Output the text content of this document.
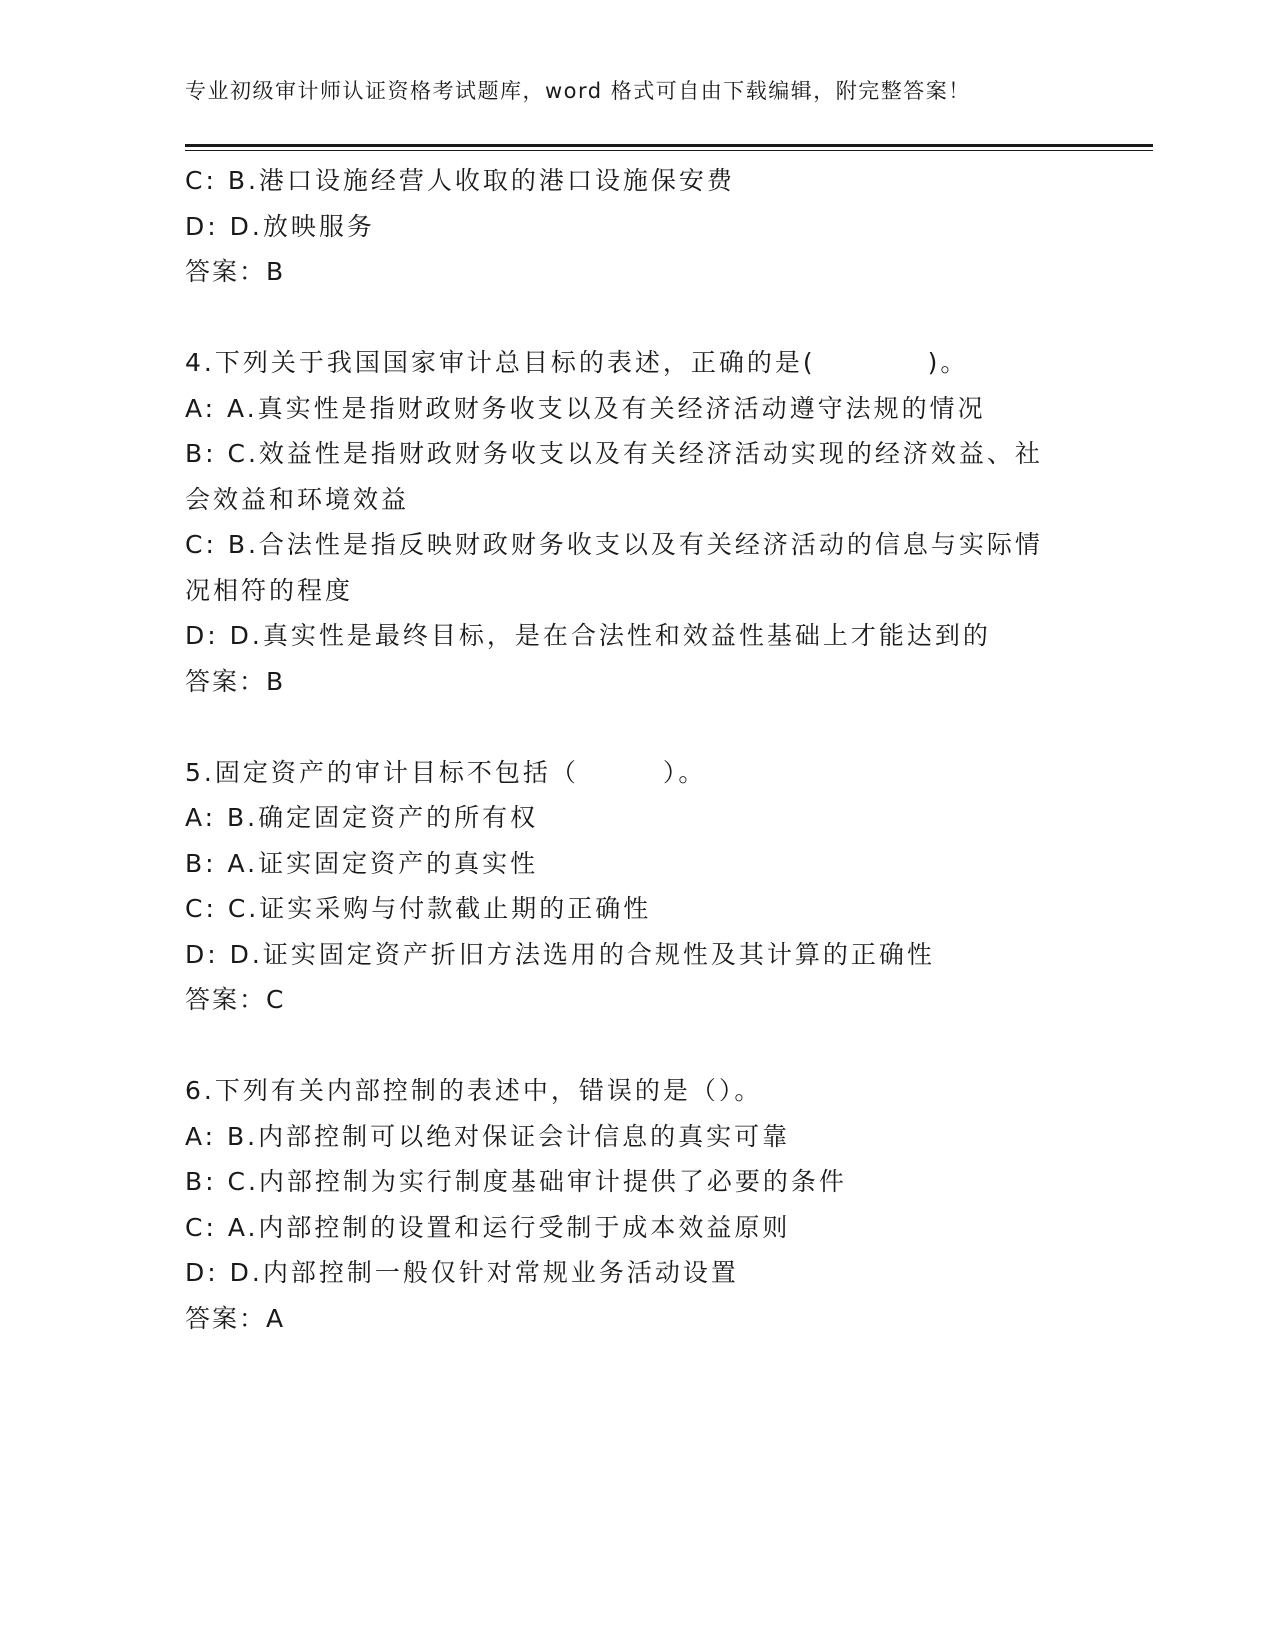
专业初级审计师认证资格考试题库，word 格式可自由下载编辑，附完整答案！
C: B.港口设施经营人收取的港口设施保安费
D: D.放映服务
答案：B
4.下列关于我国国家审计总目标的表述，正确的是(　　　　)。
A: A.真实性是指财政财务收支以及有关经济活动遵守法规的情况
B: C.效益性是指财政财务收支以及有关经济活动实现的经济效益、社
会效益和环境效益
C: B.合法性是指反映财政财务收支以及有关经济活动的信息与实际情
况相符的程度
D: D.真实性是最终目标，是在合法性和效益性基础上才能达到的
答案：B
5.固定资产的审计目标不包括（　　　）。
A: B.确定固定资产的所有权
B: A.证实固定资产的真实性
C: C.证实采购与付款截止期的正确性
D: D.证实固定资产折旧方法选用的合规性及其计算的正确性
答案：C
6.下列有关内部控制的表述中，错误的是（）。
A: B.内部控制可以绝对保证会计信息的真实可靠
B: C.内部控制为实行制度基础审计提供了必要的条件
C: A.内部控制的设置和运行受制于成本效益原则
D: D.内部控制一般仅针对常规业务活动设置
答案：A
